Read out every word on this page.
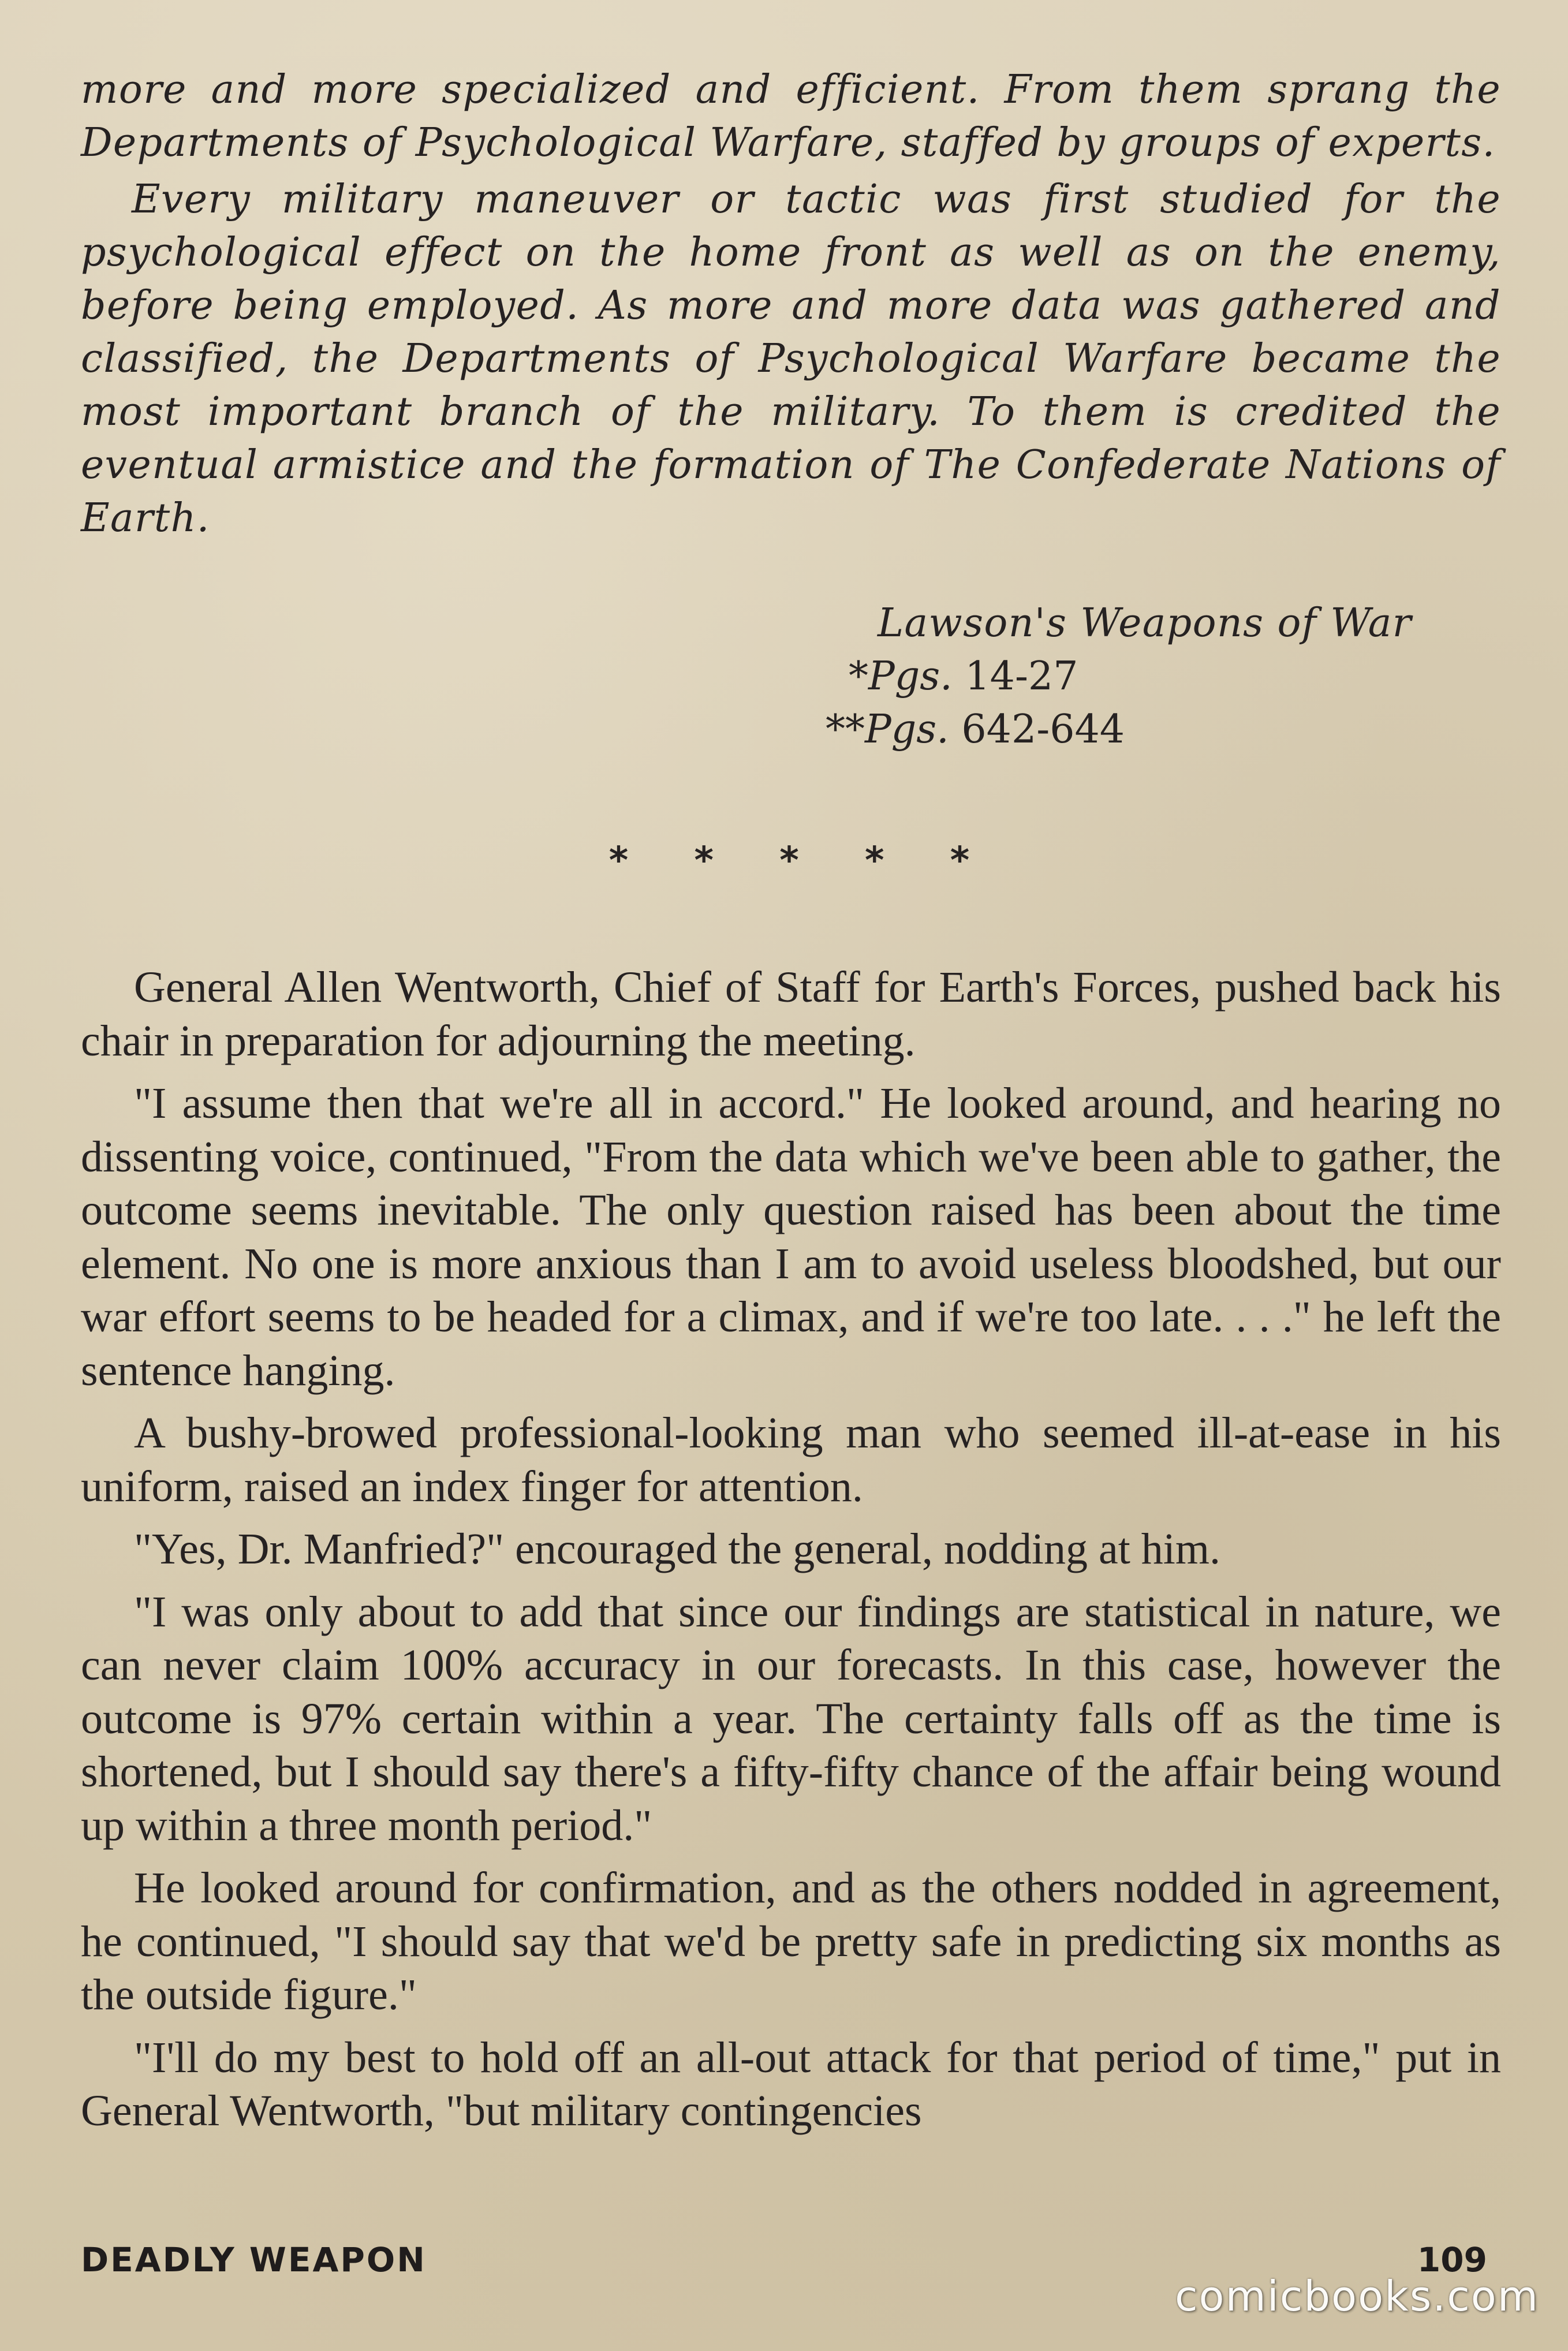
more and more specialized and efficient. From them sprang the Departments of Psychological Warfare, staffed by groups of experts.

Every military maneuver or tactic was first studied for the psychological effect on the home front as well as on the enemy, before being employed. As more and more data was gathered and classified, the Departments of Psychological Warfare became the most important branch of the military. To them is credited the eventual armistice and the formation of The Confederate Nations of Earth.

Lawson's Weapons of War
*Pgs. 14-27
**Pgs. 642-644
* * * * *

General Allen Wentworth, Chief of Staff for Earth's Forces, pushed back his chair in preparation for adjourning the meeting.

"I assume then that we're all in accord." He looked around, and hearing no dissenting voice, continued, "From the data which we've been able to gather, the outcome seems inevitable. The only question raised has been about the time element. No one is more anxious than I am to avoid useless bloodshed, but our war effort seems to be headed for a climax, and if we're too late. . . ." he left the sentence hanging.

A bushy-browed professional-looking man who seemed ill-at-ease in his uniform, raised an index finger for attention.

"Yes, Dr. Manfried?" encouraged the general, nodding at him.

"I was only about to add that since our findings are statistical in nature, we can never claim 100% accuracy in our forecasts. In this case, however the outcome is 97% certain within a year. The certainty falls off as the time is shortened, but I should say there's a fifty-fifty chance of the affair being wound up within a three month period."

He looked around for confirmation, and as the others nodded in agreement, he continued, "I should say that we'd be pretty safe in predicting six months as the outside figure."

"I'll do my best to hold off an all-out attack for that period of time," put in General Wentworth, "but military contingencies

DEADLY WEAPON	109
comicbooks.com
